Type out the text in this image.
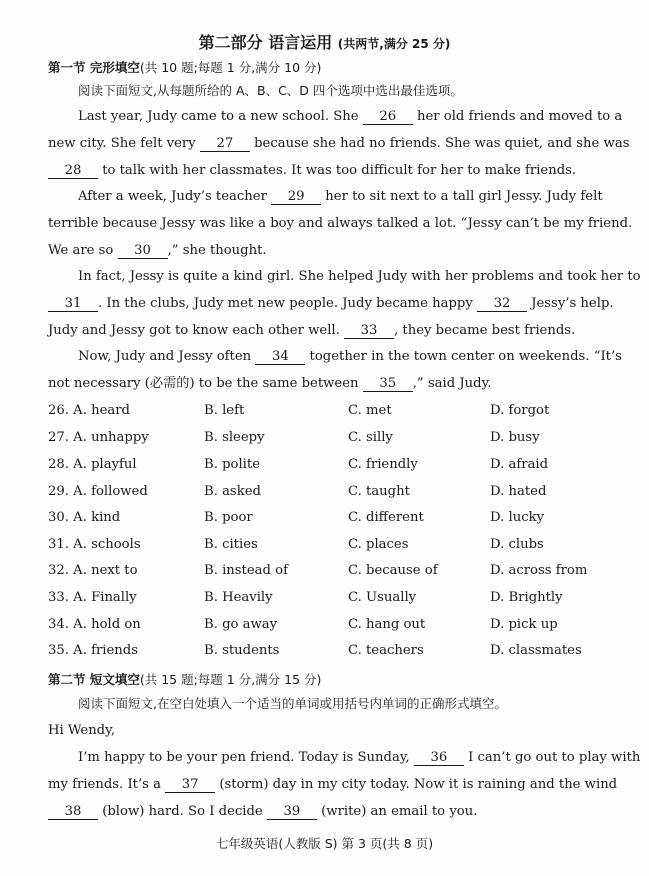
第二部分 语言运用 (共两节,满分 25 分)
第一节 完形填空(共 10 题;每题 1 分,满分 10 分)
阅读下面短文,从每题所给的 A、B、C、D 四个选项中选出最佳选项。
Last year, Judy came to a new school. She 26 her old friends and moved to a
new city. She felt very 27 because she had no friends. She was quiet, and she was
28 to talk with her classmates. It was too difficult for her to make friends.
After a week, Judy’s teacher 29 her to sit next to a tall girl Jessy. Judy felt
terrible because Jessy was like a boy and always talked a lot. “Jessy can’t be my friend.
We are so 30 ,” she thought.
In fact, Jessy is quite a kind girl. She helped Judy with her problems and took her to
31 . In the clubs, Judy met new people. Judy became happy 32 Jessy’s help.
Judy and Jessy got to know each other well. 33 , they became best friends.
Now, Judy and Jessy often 34 together in the town center on weekends. “It’s
not necessary (必需的) to be the same between 35 ,” said Judy.
26. A. heard	B. left	C. met	D. forgot
27. A. unhappy	B. sleepy	C. silly	D. busy
28. A. playful	B. polite	C. friendly	D. afraid
29. A. followed	B. asked	C. taught	D. hated
30. A. kind	B. poor	C. different	D. lucky
31. A. schools	B. cities	C. places	D. clubs
32. A. next to	B. instead of	C. because of	D. across from
33. A. Finally	B. Heavily	C. Usually	D. Brightly
34. A. hold on	B. go away	C. hang out	D. pick up
35. A. friends	B. students	C. teachers	D. classmates
第二节 短文填空(共 15 题;每题 1 分,满分 15 分)
阅读下面短文,在空白处填入一个适当的单词或用括号内单词的正确形式填空。
Hi Wendy,
I’m happy to be your pen friend. Today is Sunday, 36 I can’t go out to play with
my friends. It’s a 37 (storm) day in my city today. Now it is raining and the wind
38 (blow) hard. So I decide 39 (write) an email to you.
七年级英语(人教版 S) 第 3 页(共 8 页)
